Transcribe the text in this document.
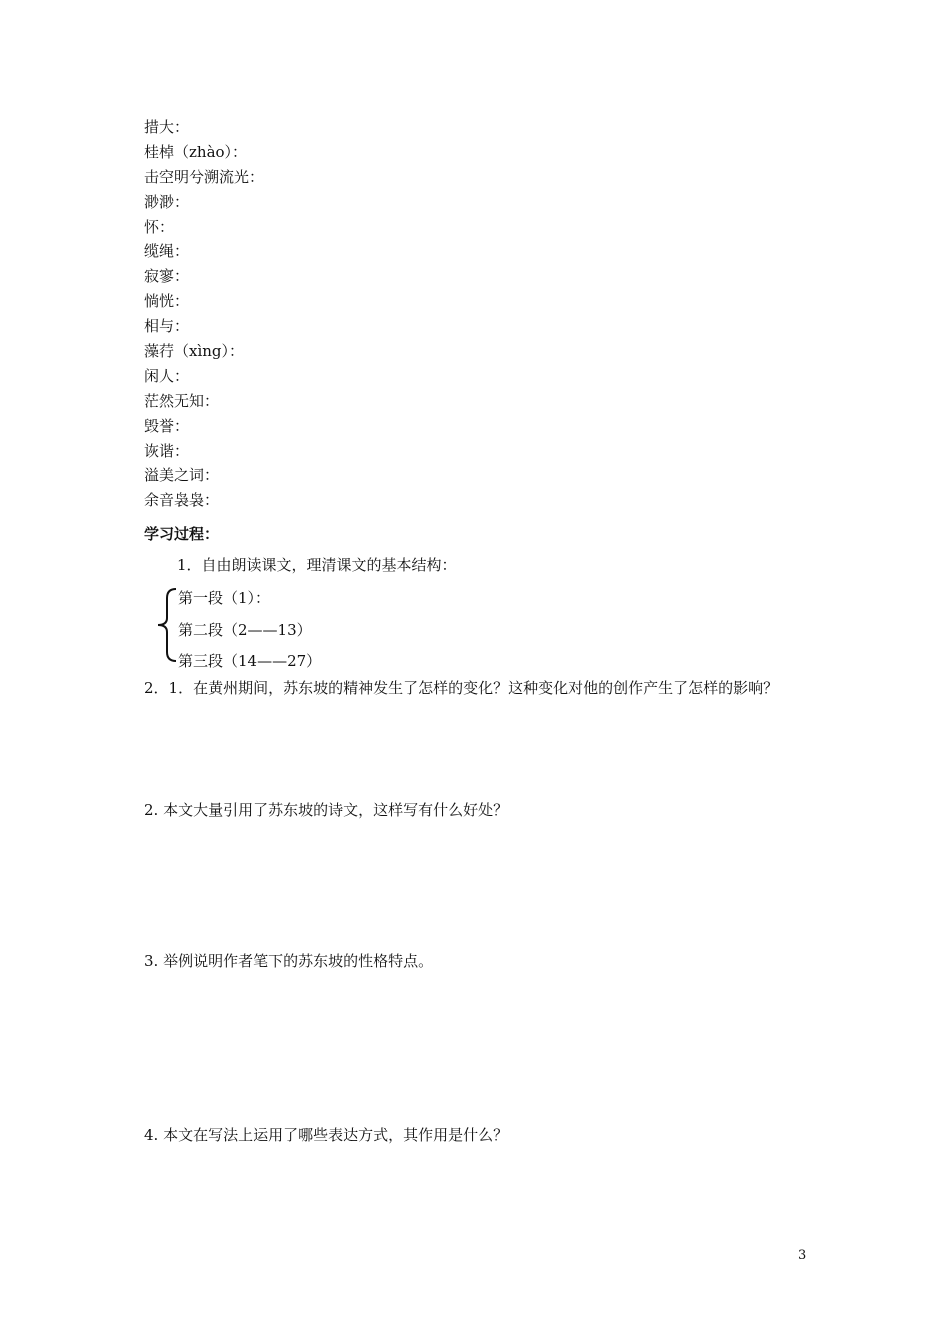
措大：
桂棹（zhào）：
击空明兮溯流光：
渺渺：
怀：
缆绳：
寂寥：
惝恍：
相与：
藻荇（xìng）：
闲人：
茫然无知：
毁誉：
诙谐：
溢美之词：
余音袅袅：
学习过程：
1．自由朗读课文，理清课文的基本结构：
第一段（1）：
第二段（2——13）
第三段（14——27）
2．1．在黄州期间，苏东坡的精神发生了怎样的变化？这种变化对他的创作产生了怎样的影响？
2. 本文大量引用了苏东坡的诗文，这样写有什么好处？
3. 举例说明作者笔下的苏东坡的性格特点。
4. 本文在写法上运用了哪些表达方式，其作用是什么？
3
